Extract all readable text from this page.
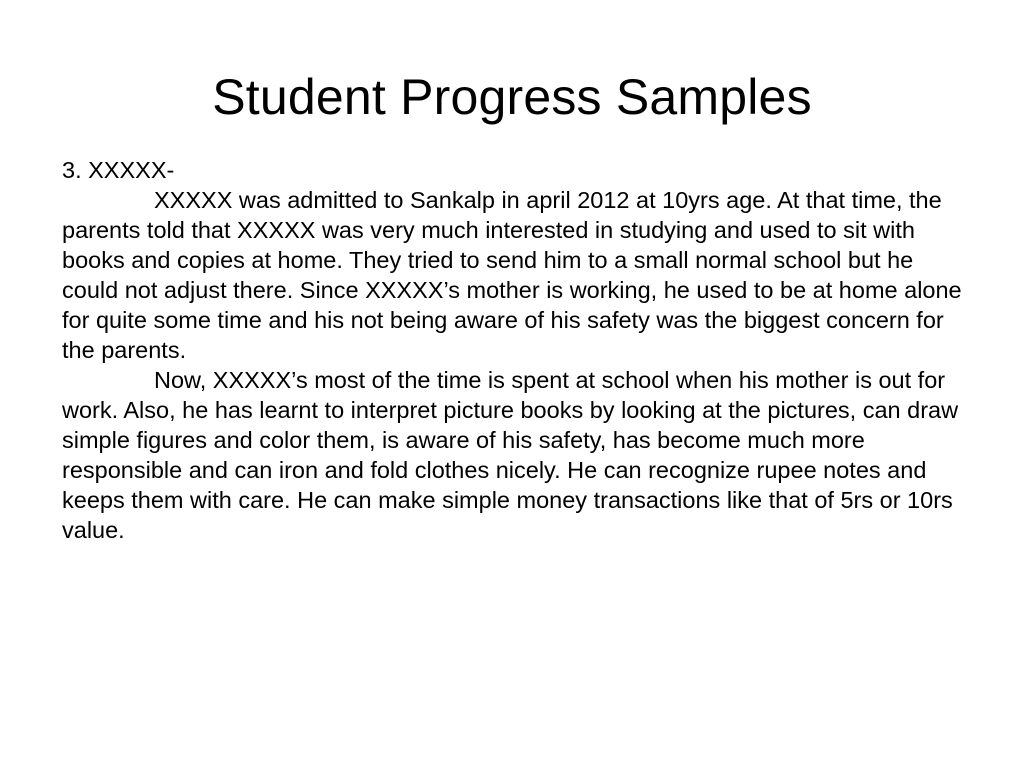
Student Progress Samples

3. XXXXX-

XXXXX was admitted to Sankalp in april 2012 at 10yrs age. At that time, the parents told that XXXXX was very much interested in studying and used to sit with books and copies at home. They tried to send him to a small normal school but he could not adjust there. Since XXXXX’s mother is working, he used to be at home alone for quite some time and his not being aware of his safety was the biggest concern for the parents.

Now, XXXXX’s most of the time is spent at school when his mother is out for work. Also, he has learnt to interpret picture books by looking at the pictures, can draw simple figures and color them, is aware of his safety, has become much more responsible and can iron and fold clothes nicely. He can recognize rupee notes and keeps them with care. He can make simple money transactions like that of 5rs or 10rs value.
